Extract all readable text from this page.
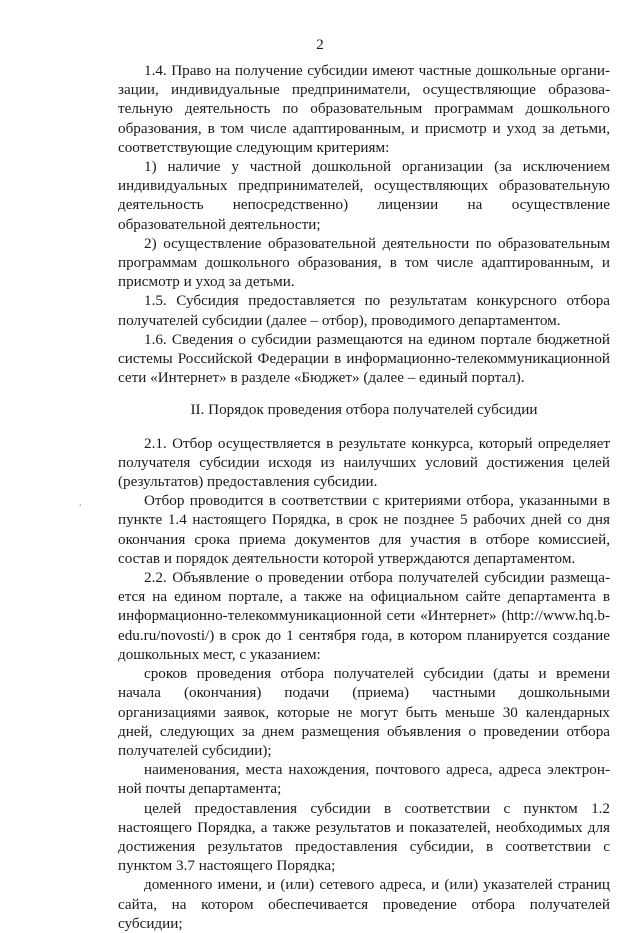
2
,

1.4. Право на получение субсидии имеют частные дошкольные организации, индивидуальные предприниматели, осуществляющие образовательную деятельность по образовательным программам дошкольного образования, в том числе адаптированным, и присмотр и уход за детьми, соответствующие следующим критериям:

1) наличие у частной дошкольной организации (за исключением индивидуальных предпринимателей, осуществляющих образовательную деятельность непосредственно) лицензии на осуществление образовательной деятельности;

2) осуществление образовательной деятельности по образовательным программам дошкольного образования, в том числе адаптированным, и присмотр и уход за детьми.

1.5. Субсидия предоставляется по результатам конкурсного отбора получателей субсидии (далее – отбор), проводимого департаментом.

1.6. Сведения о субсидии размещаются на едином портале бюджетной системы Российской Федерации в информационно-телекоммуникационной сети «Интернет» в разделе «Бюджет» (далее – единый портал).

II. Порядок проведения отбора получателей субсидии

2.1. Отбор осуществляется в результате конкурса, который определяет получателя субсидии исходя из наилучших условий достижения целей (результатов) предоставления субсидии.

Отбор проводится в соответствии с критериями отбора, указанными в пункте 1.4 настоящего Порядка, в срок не позднее 5 рабочих дней со дня окончания срока приема документов для участия в отборе комиссией, состав и порядок деятельности которой утверждаются департаментом.

2.2. Объявление о проведении отбора получателей субсидии размещается на едином портале, а также на официальном сайте департамента в информационно-телекоммуникационной сети «Интернет» (http://www.hq.b-edu.ru/novosti/) в срок до 1 сентября года, в котором планируется создание дошкольных мест, с указанием:

сроков проведения отбора получателей субсидии (даты и времени начала (окончания) подачи (приема) частными дошкольными организациями заявок, которые не могут быть меньше 30 календарных дней, следующих за днем размещения объявления о проведении отбора получателей субсидии);

наименования, места нахождения, почтового адреса, адреса электронной почты департамента;

целей предоставления субсидии в соответствии с пунктом 1.2 настоящего Порядка, а также результатов и показателей, необходимых для достижения результатов предоставления субсидии, в соответствии с пунктом 3.7 настоящего Порядка;

доменного имени, и (или) сетевого адреса, и (или) указателей страниц сайта, на котором обеспечивается проведение отбора получателей субсидии;
